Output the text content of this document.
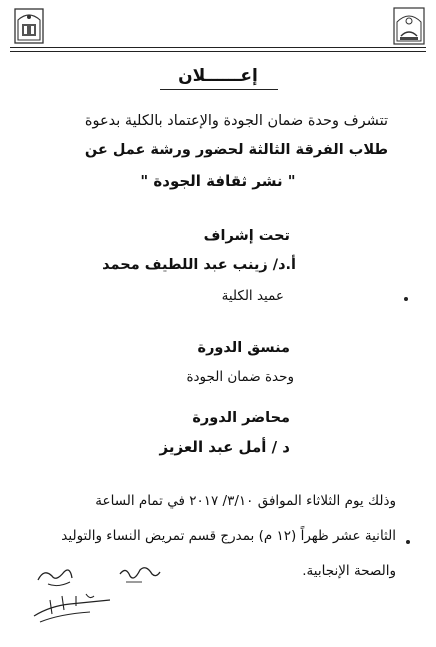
إعــــــلان
تتشرف وحدة ضمان الجودة والإعتماد بالكلية بدعوة
طلاب الفرقة الثالثة لحضور ورشة عمل عن
" نشر ثقافة الجودة "
تحت إشراف
أ.د/ زينب عبد اللطيف محمد
عميد الكلية
منسق الدورة
وحدة ضمان الجودة
محاضر الدورة
د / أمل عبد العزيز
وذلك يوم الثلاثاء الموافق ٣/١٠/ ٢٠١٧ في تمام الساعة
الثانية عشر ظهراً (١٢ م) بمدرج قسم تمريض النساء والتوليد
والصحة الإنجابية.
